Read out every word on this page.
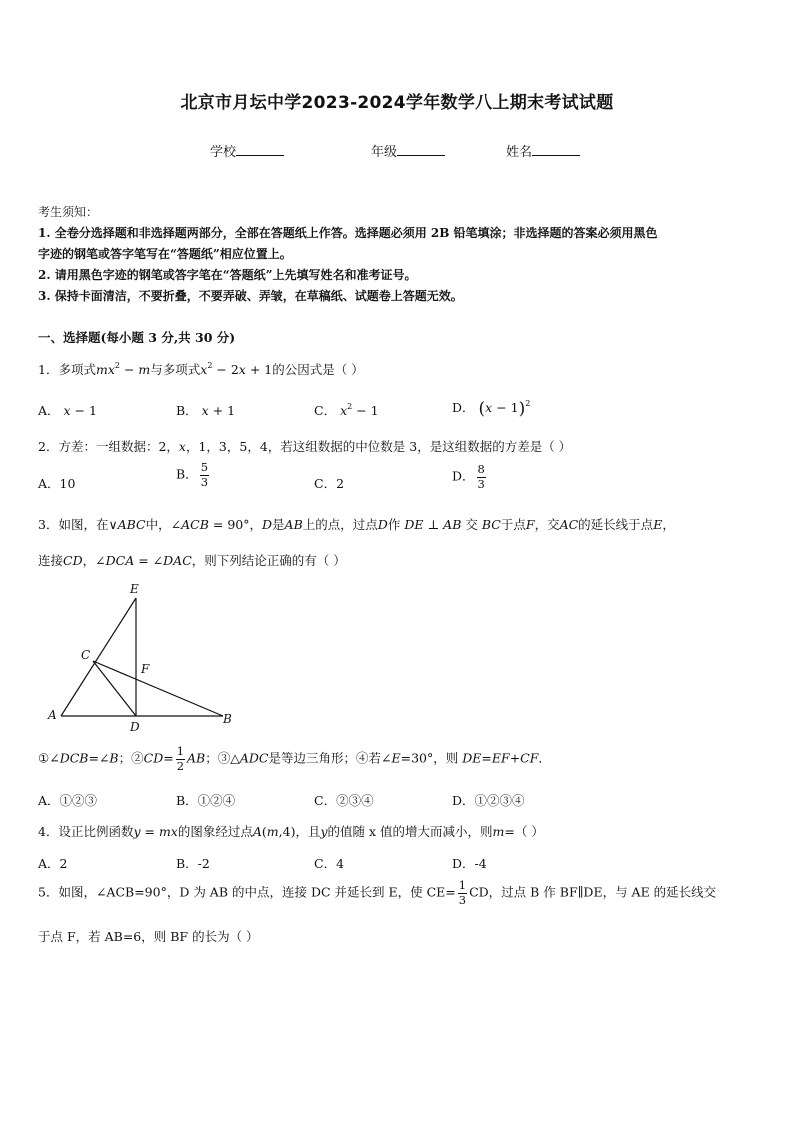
北京市月坛中学2023-2024学年数学八上期末考试试题
学校	年级	姓名
考生须知：
1. 全卷分选择题和非选择题两部分，全部在答题纸上作答。选择题必须用 2B 铅笔填涂；非选择题的答案必须用黑色
字迹的钢笔或答字笔写在“答题纸”相应位置上。
2. 请用黑色字迹的钢笔或答字笔在“答题纸”上先填写姓名和准考证号。
3. 保持卡面清洁，不要折叠，不要弄破、弄皱，在草稿纸、试题卷上答题无效。
一、选择题(每小题 3 分,共 30 分)
1．多项式$mx^2 - m$与多项式$x^2 - 2x + 1$的公因式是（ ）
A． x − 1	B． x + 1	C． $x^2 - 1$	D． $(x - 1)^2$
2．方差：一组数据：2，x，1，3，5，4，若这组数据的中位数是 3，是这组数据的方差是（ ）
A．10
B． $\frac{5}{3}$	C．2	D． $\frac{8}{3}$
3．如图，在∨ABC中，∠ACB = 90°，D是AB上的点，过点D作 DE ⊥ AB 交 BC于点F，交AC的延长线于点E，
连接CD，∠DCA = ∠DAC，则下列结论正确的有（ ）
E
C
F
A
D
B
①∠DCB=∠B；②CD= $\frac{1}{2}$ AB；③△ADC是等边三角形；④若∠E=30°，则 DE=EF+CF．
A．①②③	B．①②④	C．②③④	D．①②③④
4．设正比例函数y = mx的图象经过点A(m,4)，且y的值随 x 值的增大而减小，则m=（ ）
A．2	B．-2	C．4	D．-4
5．如图，∠ACB=90°，D 为 AB 的中点，连接 DC 并延长到 E，使 $CE= \frac{1}{3}$ CD，过点 B 作 BF∥DE，与 AE 的延长线交
于点 F，若 AB=6，则 BF 的长为（ ）
